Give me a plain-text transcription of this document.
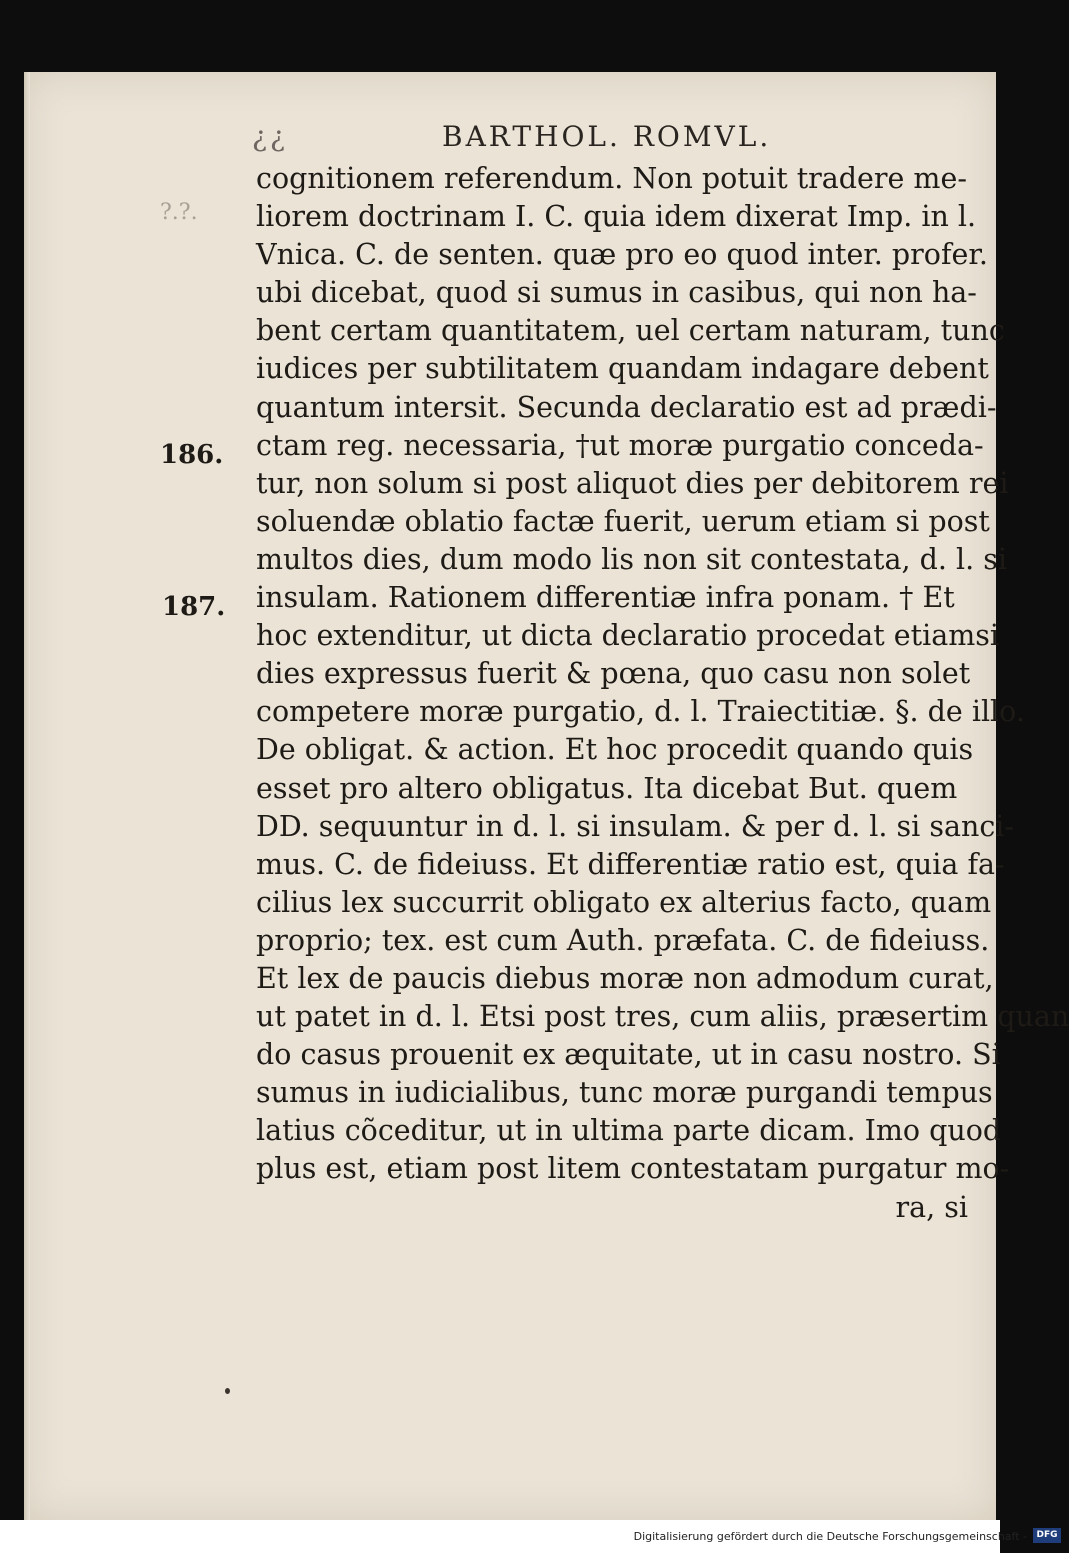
¿¿	BARTHOL. ROMVL.
?.?.
186.
187.
cognitionem referendum. Non potuit tradere me-
liorem doctrinam I. C. quia idem dixerat Imp. in l.
Vnica. C. de senten. quæ pro eo quod inter. profer.
ubi dicebat, quod si sumus in casibus, qui non ha-
bent certam quantitatem, uel certam naturam, tunc
iudices per subtilitatem quandam indagare debent
quantum intersit. Secunda declaratio est ad prædi-
ctam reg. necessaria, †ut moræ purgatio conceda-
tur, non solum si post aliquot dies per debitorem rei
soluendæ oblatio factæ fuerit, uerum etiam si post
multos dies, dum modo lis non sit contestata, d. l. si
insulam. Rationem differentiæ infra ponam. † Et
hoc extenditur, ut dicta declaratio procedat etiamsi
dies expressus fuerit & pœna, quo casu non solet
competere moræ purgatio, d. l. Traiectitiæ. §. de illo.
De obligat. & action. Et hoc procedit quando quis
esset pro altero obligatus. Ita dicebat But. quem
DD. sequuntur in d. l. si insulam. & per d. l. si sanci-
mus. C. de fideiuss. Et differentiæ ratio est, quia fa-
cilius lex succurrit obligato ex alterius facto, quam
proprio; tex. est cum Auth. præfata. C. de fideiuss.
Et lex de paucis diebus moræ non admodum curat,
ut patet in d. l. Etsi post tres, cum aliis, præsertim quan
do casus prouenit ex æquitate, ut in casu nostro. Si
sumus in iudicialibus, tunc moræ purgandi tempus
latius cõceditur, ut in ultima parte dicam. Imo quod
plus est, etiam post litem contestatam purgatur mo-
ra, si
Digitalisierung gefördert durch die Deutsche Forschungsgemeinschaft -	DFG
